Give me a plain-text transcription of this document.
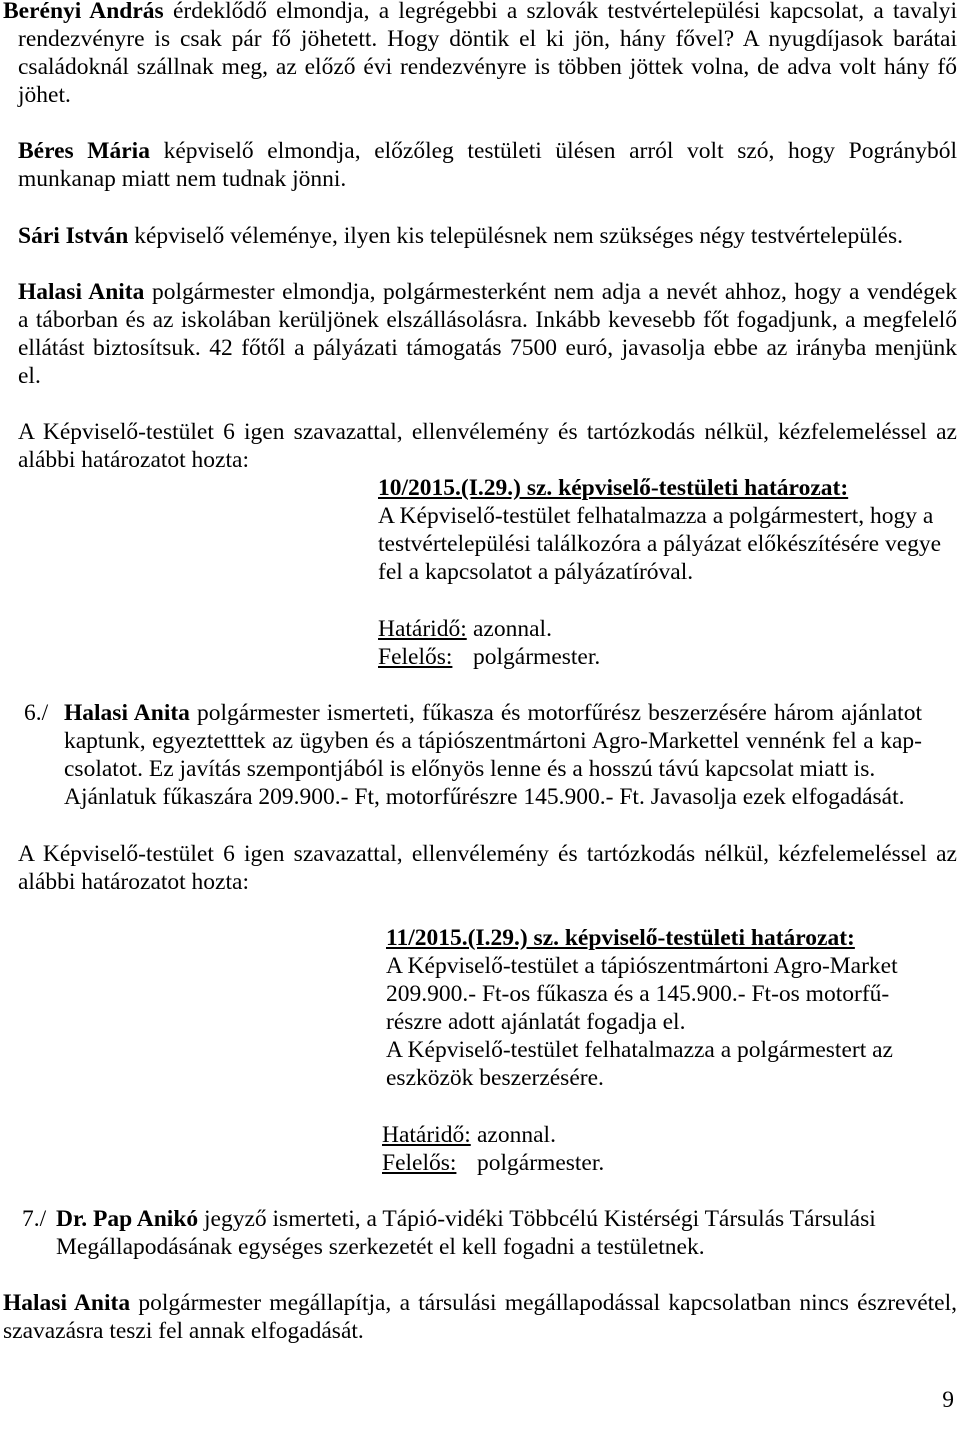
Berényi András érdeklődő elmondja, a legrégebbi a szlovák testvértelepülési kapcsolat, a tavalyi
rendezvényre is csak pár fő jöhetett. Hogy döntik el ki jön, hány fővel? A nyugdíjasok barátai
családoknál szállnak meg, az előző évi rendezvényre is többen jöttek volna, de adva volt hány fő
jöhet.
Béres Mária képviselő elmondja, előzőleg testületi ülésen arról volt szó, hogy Pogrányból
munkanap miatt nem tudnak jönni.
Sári István képviselő véleménye, ilyen kis településnek nem szükséges négy testvértelepülés.
Halasi Anita polgármester elmondja, polgármesterként nem adja a nevét ahhoz, hogy a vendégek
a táborban és az iskolában kerüljönek elszállásolásra. Inkább kevesebb főt fogadjunk, a megfelelő
ellátást biztosítsuk. 42 főtől a pályázati támogatás 7500 euró, javasolja ebbe az irányba menjünk
el.
A Képviselő-testület 6 igen szavazattal, ellenvélemény és tartózkodás nélkül, kézfelemeléssel az
alábbi határozatot hozta:
10/2015.(I.29.) sz. képviselő-testületi határozat:
A Képviselő-testület felhatalmazza a polgármestert, hogy a
testvértelepülési találkozóra a pályázat előkészítésére vegye
fel a kapcsolatot a pályázatíróval.
Határidő: azonnal.
Felelős: polgármester.
6./ Halasi Anita polgármester ismerteti, fűkasza és motorfűrész beszerzésére három ajánlatot
kaptunk, egyeztetttek az ügyben és a tápiószentmártoni Agro-Markettel vennénk fel a kap-
csolatot. Ez javítás szempontjából is előnyös lenne és a hosszú távú kapcsolat miatt is.
Ajánlatuk fűkaszára 209.900.- Ft, motorfűrészre 145.900.- Ft. Javasolja ezek elfogadását.
A Képviselő-testület 6 igen szavazattal, ellenvélemény és tartózkodás nélkül, kézfelemeléssel az
alábbi határozatot hozta:
11/2015.(I.29.) sz. képviselő-testületi határozat:
A Képviselő-testület a tápiószentmártoni Agro-Market
209.900.- Ft-os fűkasza és a 145.900.- Ft-os motorfű-
részre adott ajánlatát fogadja el.
A Képviselő-testület felhatalmazza a polgármestert az
eszközök beszerzésére.
Határidő: azonnal.
Felelős: polgármester.
7./ Dr. Pap Anikó jegyző ismerteti, a Tápió-vidéki Többcélú Kistérségi Társulás Társulási
Megállapodásának egységes szerkezetét el kell fogadni a testületnek.
Halasi Anita polgármester megállapítja, a társulási megállapodással kapcsolatban nincs észrevétel,
szavazásra teszi fel annak elfogadását.
9
